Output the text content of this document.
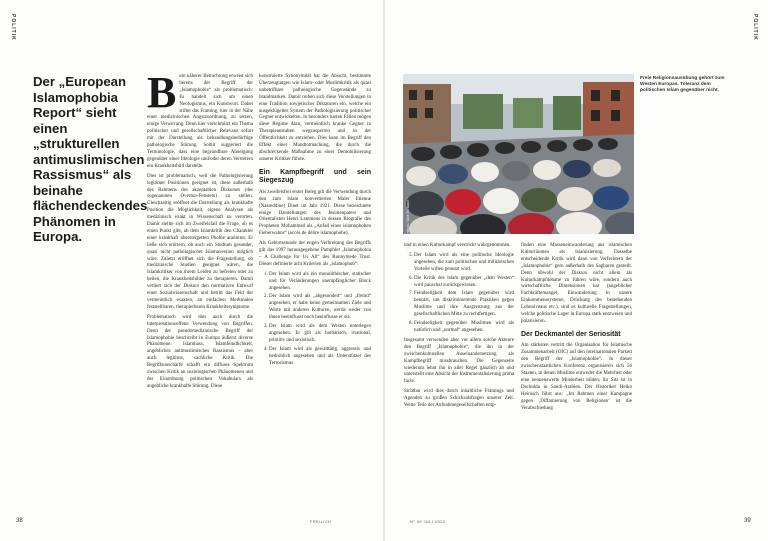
POLITIK	POLITIK
Der „European Islamophobia Report“ sieht einen „strukturellen antimuslimischen Rassismus“ als beinahe flächendeckendes Phänomen in Europa.

Bein näherer Betrachtung erweist sich bereits der Begriff der „Islamophobie“ als problematisch: Es handelt sich um einen Neologismus, ein Kunstwort. Dabei stiftet das Framing, hier in der Nähe einer medizinischen Angstzuordnung, zu setzen, einige Verwirrung. Denn hier verschmilzt ein Thema politischer und gesellschaftlicher Relevanz sofort mit der Darstellung als behandlungsbedürftige pathologische Störung. Somit suggeriert die Terminologie, dass eine begründbare Abneigung gegenüber einer Ideologie und/oder deren Vertretern ein Krankheitsbild darstelle.

Dies ist problematisch, weil die Pathologisierung legitimer Positionen geeignet ist, diese außerhalb des Rahmens des akzeptablen Diskurses (des sogenannten Overton-Fensters) zu stellen. Gleichzeitig eröffnet die Darstellung als krankhafte Position die Möglichkeit, eigene Analysen als medizinisch exakt in Wissenschaft zu verorten. Damit stellte sich im Zweifelsfall die Frage, ob es einen Punkt gibt, ab dem Islamkritik den Charakter einer krankhaft übersteigerten Phobie annimmt. Er ließe sich erörtern, ob auch ein Studium gesunder, quasi nicht pathologischer Islamaversion möglich wäre. Zuletzt eröffnet sich die Fragestellung, ob medizinische Studien geeignet wären, die Islamkritiker von ihrem Leiden zu befreien oder zu heilen, die Krankheitsbilder zu therapieren. Damit verliert sich der Diskurs den normativen Entwurf einer Sozialwissenschaft und betritt das Feld der vermeintlich exakten, an einfachen Merkmalen feststellbaren, therapierbaren Krankheitssymptome.

Problematisch wird dies auch durch die interpretationsoffene Verwendung von Begriffen. Denn der pseudomedizinische Begriff der Islamophobie beschreibt in Europa äußerst diverse Phänomene: Islamhass, Islamfeindlichkeit, angebliches antimuslimisches Rassismus – aber auch legitime, sachliche Kritik. Die Begriffsunschärfe schafft ein diffuses Spektrum zwischen Kritik an soziologischen Phänomenen und der Einordnung politischen Vokabulars als angebliche krankhafte Störung. Diese

konstruierte Synonymität hat die Absicht, bestimmte Überzeugungen wie Islam- oder Muslimkritik als quasi unbetrifbare pathologische Gegenstände zu brandmarken. Damit reihen sich diese Vorstellungen in eine Tradition sowjetischer Diktaturen ein, welche ein ausgeklügeltes System der Pathologisierung politischer Gegner entwickelten. In besonders harten Fällen mögen diese Regime dazu, vermeintlich kranke Gegner in Therapieanstalten wegzusperren und so der Öffentlichkeit zu entziehen. Dies kann im Begriff den Effekt einer Mundtotmachung, die durch die abschreckende Maßnahme zu einer Demobilisierung unserer Kritiker führte.

Ein Kampfbegriff und sein Siegeszug

Als zweifelsfrei erster Beleg gilt die Verwendung durch den zum Islam konvertierten Maler Etienne (Nasreddine) Dinet im Jahr 1921. Diese bezeichnete einige Darstellungen des Jesuitenpaters und Orientalisten Henri Lammens in dessen Biografie des Propheten Mohammed als „Anfall eines islamophoben Fieberwahns“ (accès de délire islamophobe).

Als Geburtsstunde der engen Verbreitung des Begriffs gilt das 1997 herausgegebene Pamphlet „Islamophobia – A Challenge for Us All“ des Runnymede Trust. Dieser definierte acht Kriterien als „islamophob“:

1. Der Islam wird als ein monolithischer, statischer und für Veränderungen unempfänglicher Block angesehen.
2. Der Islam wird als „abgesondert“ und „fremd“ angesehen, er habe keine gemeinsamen Ziele und Werte mit anderen Kulturen, werde weder von ihnen beeinflusst noch beeinflusse er sie.
3. Der Islam wird als dem Westen unterlegen angesehen. Er gilt als barbarisch, irrational, primitiv und sexistisch.
4. Der Islam wird als gewalttätig, aggressiv und bedrohlich angesehen und als Unterstützer des Terrorismus
Foto: Shutterstock / Uwe Schwarz
Freie Religionsausübung gehört zum Westen Europas. Toleranz dem politischen Islam gegenüber nicht.

und in einen Kulturkampf verstrickt wahrgenommen.

5. Der Islam wird als eine politische Ideologie angesehen, die zum politischen und militärischen Vorteile willen genutzt wird.
6. Die Kritik des Islam gegenüber „dem Westen“ wird pauschal zurückgewiesen.
7. Feindseligkeit dem Islam gegenüber wird benutzt, um diskriminierende Praktiken gegen Muslime und ihre Ausgrenzung aus der gesellschaftlichen Mitte zu rechtfertigen.
8. Feindseligkeit gegenüber Muslimen wird als natürlich und „normal“ angesehen.

Insgesamt verwenden aber vor allem solche Akteure den Begriff „Islamophobie“, die ihn in der zwischenkulturellen Auseinandersetzung als Kampfbegriff missbrauchen. Die Gegenseite wiederum lehnt ihn in aller Regel gänzlich ab und unterstellt eine Absicht der Instrumentalisierung prima facie.

Sichtbar wird dies durch inhaltliche Framings und Agenden zu großen Schicksalsfragen unserer Zeit. Weite Teile der Aufnahmegesellschaften emp-

finden eine Masseneinwanderung aus islamischen Kulturräumen als Islamisierung. Dasselbe entscheidende Kritik wird dann von Verfechtern der „Islamophobie“ gern außerhalb des Sagbaren gestellt. Denn obwohl der Diskurs nicht allein als Kulturkampfdebatte zu führen wäre, sondern auch wirtschaftliche Dimensionen hat (angeblicher Fachkräftemangel, Einwanderung in unsere Einkommenssysteme, Drückung des bestehenden Lohnniveaus etc.), sind es kulturelle Fragestellungen, welche politische Lager in Europa stark entzweien und polarisieren.

Der Deckmantel der Seriosität

Am stärksten vertritt die Organisation für Islamische Zusammenarbeit (OIC) auf den internationalen Parkett den Begriff der „Islamophobie“. In dieser zwischenstaatlichen Konferenz organisieren sich 56 Staaten, in denen Muslime entweder die Mehrheit oder eine nennenswerte Minderheit bilden; ihr Sitz ist in Dschidda in Saudi-Arabien. Der Historiker Heiko Heinisch führt aus: „Im Rahmen einer Kampagne gegen ‚Diffamierung von Religionen‘ ist die Verabschiedung

38	39
FREILICH	N° 09 JULI 2020
